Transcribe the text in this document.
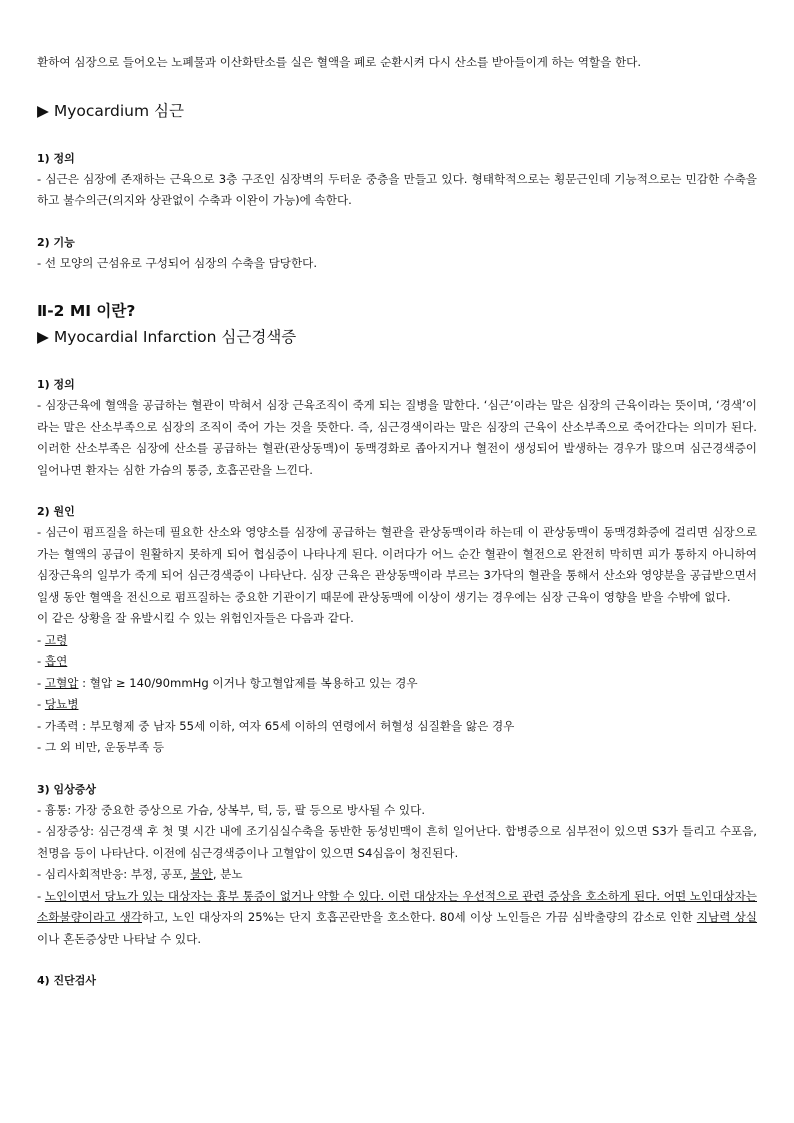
환하여 심장으로 들어오는 노폐물과 이산화탄소를 실은 혈액을 폐로 순환시켜 다시 산소를 받아들이게 하는 역할을 한다.

▶ Myocardium 심근
1) 정의

- 심근은 심장에 존재하는 근육으로 3층 구조인 심장벽의 두터운 중층을 만들고 있다. 형태학적으로는 횡문근인데 기능적으로는 민감한 수축을 하고 불수의근(의지와 상관없이 수축과 이완이 가능)에 속한다.

2) 기능

- 선 모양의 근섬유로 구성되어 심장의 수축을 담당한다.

Ⅱ-2 MI 이란?
▶ Myocardial Infarction 심근경색증
1) 정의

- 심장근육에 혈액을 공급하는 혈관이 막혀서 심장 근육조직이 죽게 되는 질병을 말한다. ‘심근’이라는 말은 심장의 근육이라는 뜻이며, ‘경색’이라는 말은 산소부족으로 심장의 조직이 죽어 가는 것을 뜻한다. 즉, 심근경색이라는 말은 심장의 근육이 산소부족으로 죽어간다는 의미가 된다. 이러한 산소부족은 심장에 산소를 공급하는 혈관(관상동맥)이 동맥경화로 좁아지거나 혈전이 생성되어 발생하는 경우가 많으며 심근경색증이 일어나면 환자는 심한 가슴의 통증, 호흡곤란을 느낀다.

2) 원인

- 심근이 펌프질을 하는데 필요한 산소와 영양소를 심장에 공급하는 혈관을 관상동맥이라 하는데 이 관상동맥이 동맥경화증에 걸리면 심장으로 가는 혈액의 공급이 원활하지 못하게 되어 협심증이 나타나게 된다. 이러다가 어느 순간 혈관이 혈전으로 완전히 막히면 피가 통하지 아니하여 심장근육의 일부가 죽게 되어 심근경색증이 나타난다. 심장 근육은 관상동맥이라 부르는 3가닥의 혈관을 통해서 산소와 영양분을 공급받으면서 일생 동안 혈액을 전신으로 펌프질하는 중요한 기관이기 때문에 관상동맥에 이상이 생기는 경우에는 심장 근육이 영향을 받을 수밖에 없다.

이 같은 상황을 잘 유발시킬 수 있는 위험인자들은 다음과 같다.

- 고령

- 흡연

- 고혈압 : 혈압 ≥ 140/90mmHg 이거나 항고혈압제를 복용하고 있는 경우

- 당뇨병

- 가족력 : 부모형제 중 남자 55세 이하, 여자 65세 이하의 연령에서 허혈성 심질환을 앓은 경우

- 그 외 비만, 운동부족 등

3) 임상증상

- 흉통: 가장 중요한 증상으로 가슴, 상복부, 턱, 등, 팔 등으로 방사될 수 있다.

- 심장증상: 심근경색 후 첫 몇 시간 내에 조기심실수축을 동반한 동성빈맥이 흔히 일어난다. 합병증으로 심부전이 있으면 S3가 들리고 수포음, 천명음 등이 나타난다. 이전에 심근경색증이나 고혈압이 있으면 S4심음이 청진된다.

- 심리사회적반응: 부정, 공포, 불안, 분노

- 노인이면서 당뇨가 있는 대상자는 흉부 통증이 없거나 약할 수 있다. 이런 대상자는 우선적으로 관련 증상을 호소하게 된다. 어떤 노인대상자는 소화불량이라고 생각하고, 노인 대상자의 25%는 단지 호흡곤란만을 호소한다. 80세 이상 노인들은 가끔 심박출량의 감소로 인한 지남력 상실이나 혼돈증상만 나타날 수 있다.

4) 진단검사
